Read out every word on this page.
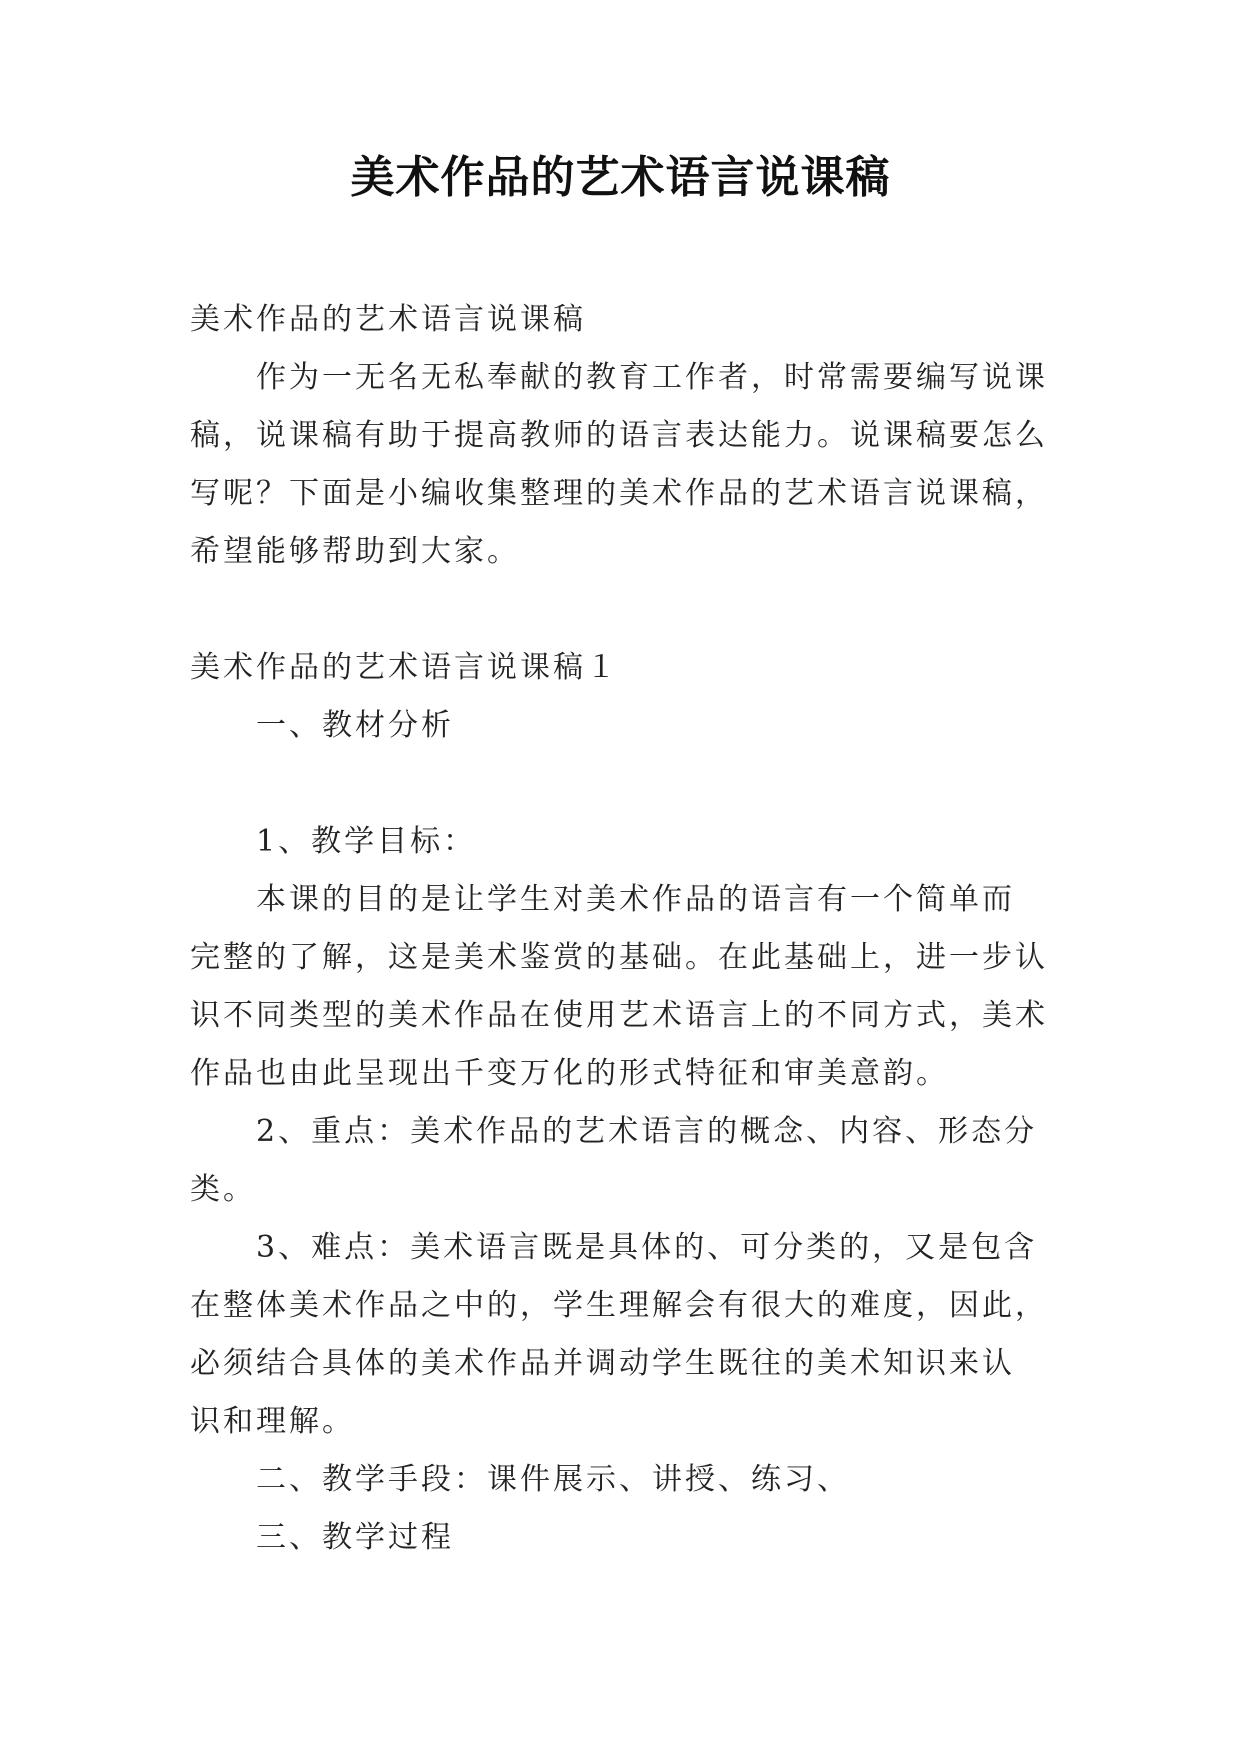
美术作品的艺术语言说课稿
美术作品的艺术语言说课稿
作为一无名无私奉献的教育工作者，时常需要编写说课
稿，说课稿有助于提高教师的语言表达能力。说课稿要怎么
写呢？下面是小编收集整理的美术作品的艺术语言说课稿，
希望能够帮助到大家。
美术作品的艺术语言说课稿１
一、教材分析
1、教学目标：
本课的目的是让学生对美术作品的语言有一个简单而
完整的了解，这是美术鉴赏的基础。在此基础上，进一步认
识不同类型的美术作品在使用艺术语言上的不同方式，美术
作品也由此呈现出千变万化的形式特征和审美意韵。
2、重点：美术作品的艺术语言的概念、内容、形态分
类。
3、难点：美术语言既是具体的、可分类的，又是包含
在整体美术作品之中的，学生理解会有很大的难度，因此，
必须结合具体的美术作品并调动学生既往的美术知识来认
识和理解。
二、教学手段：课件展示、讲授、练习、
三、教学过程
